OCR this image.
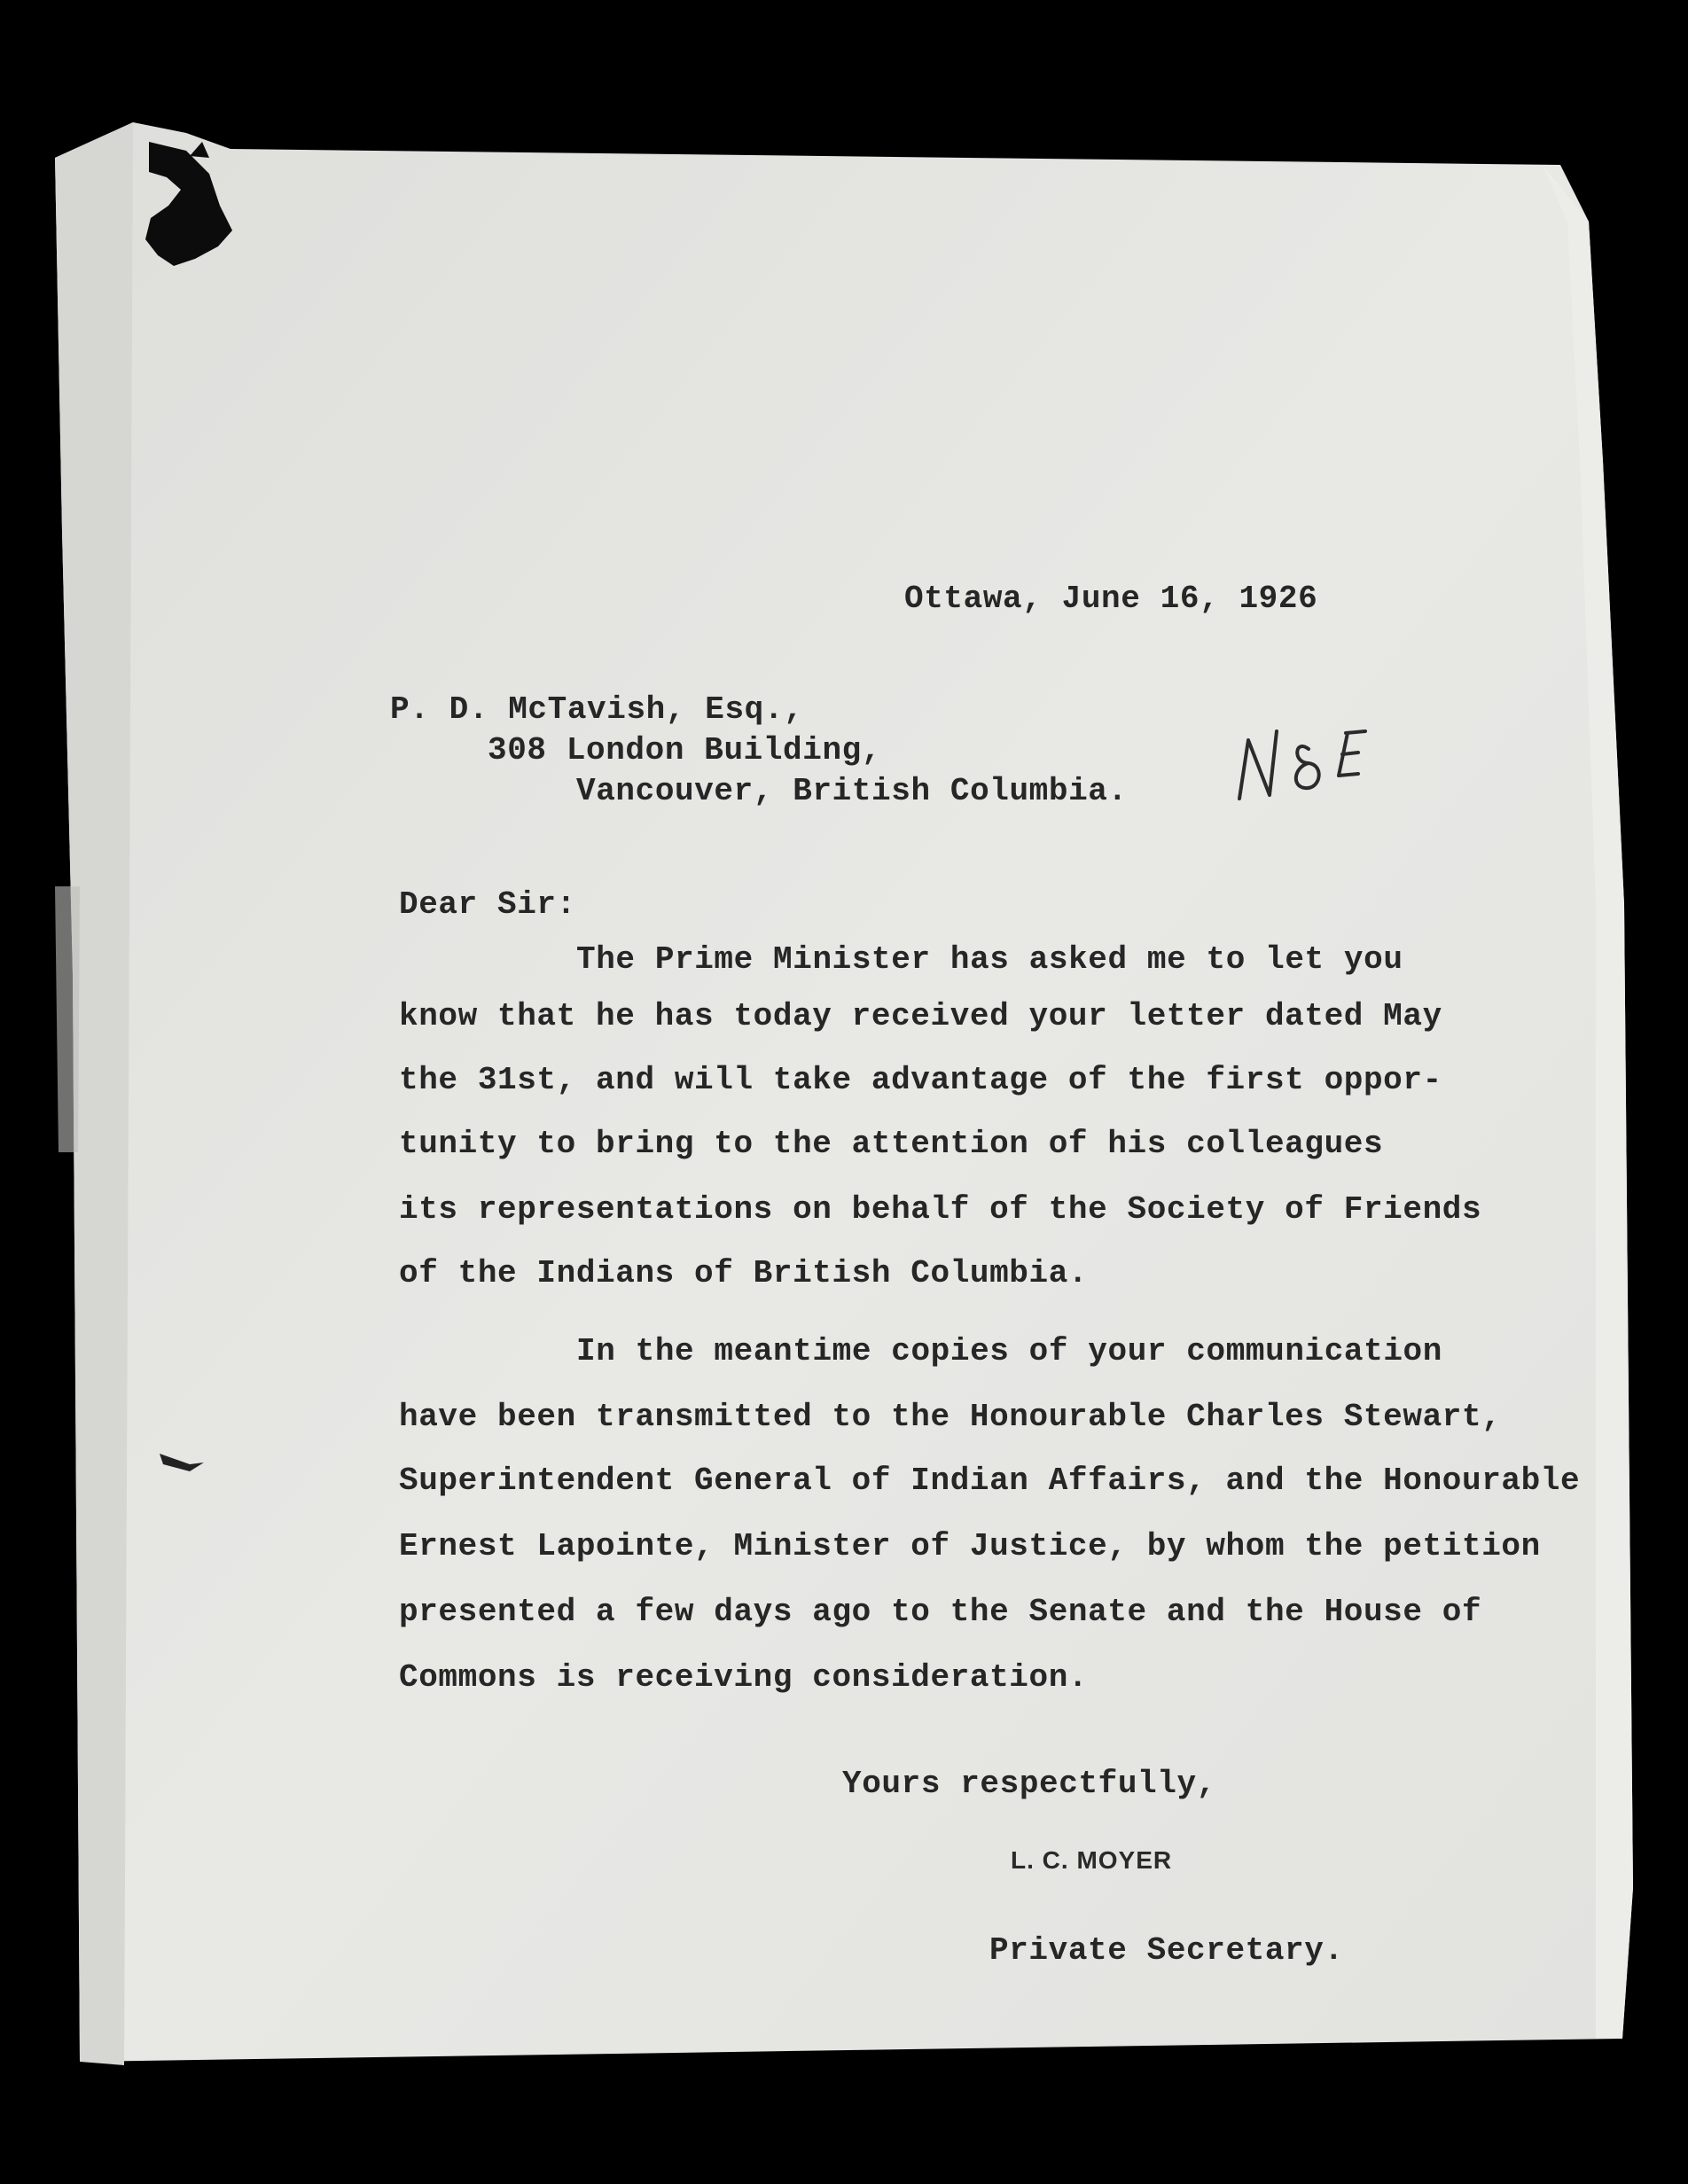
Ottawa, June 16, 1926

P. D. McTavish, Esq.,

308 London Building,

Vancouver, British Columbia.

Dear Sir:

The Prime Minister has asked me to let you

know that he has today received your letter dated May

the 31st, and will take advantage of the first oppor-

tunity to bring to the attention of his colleagues

its representations on behalf of the Society of Friends

of the Indians of British Columbia.

In the meantime copies of your communication

have been transmitted to the Honourable Charles Stewart,

Superintendent General of Indian Affairs, and the Honourable

Ernest Lapointe, Minister of Justice, by whom the petition

presented a few days ago to the Senate and the House of

Commons is receiving consideration.

Yours respectfully,

L. C. MOYER

Private Secretary.
